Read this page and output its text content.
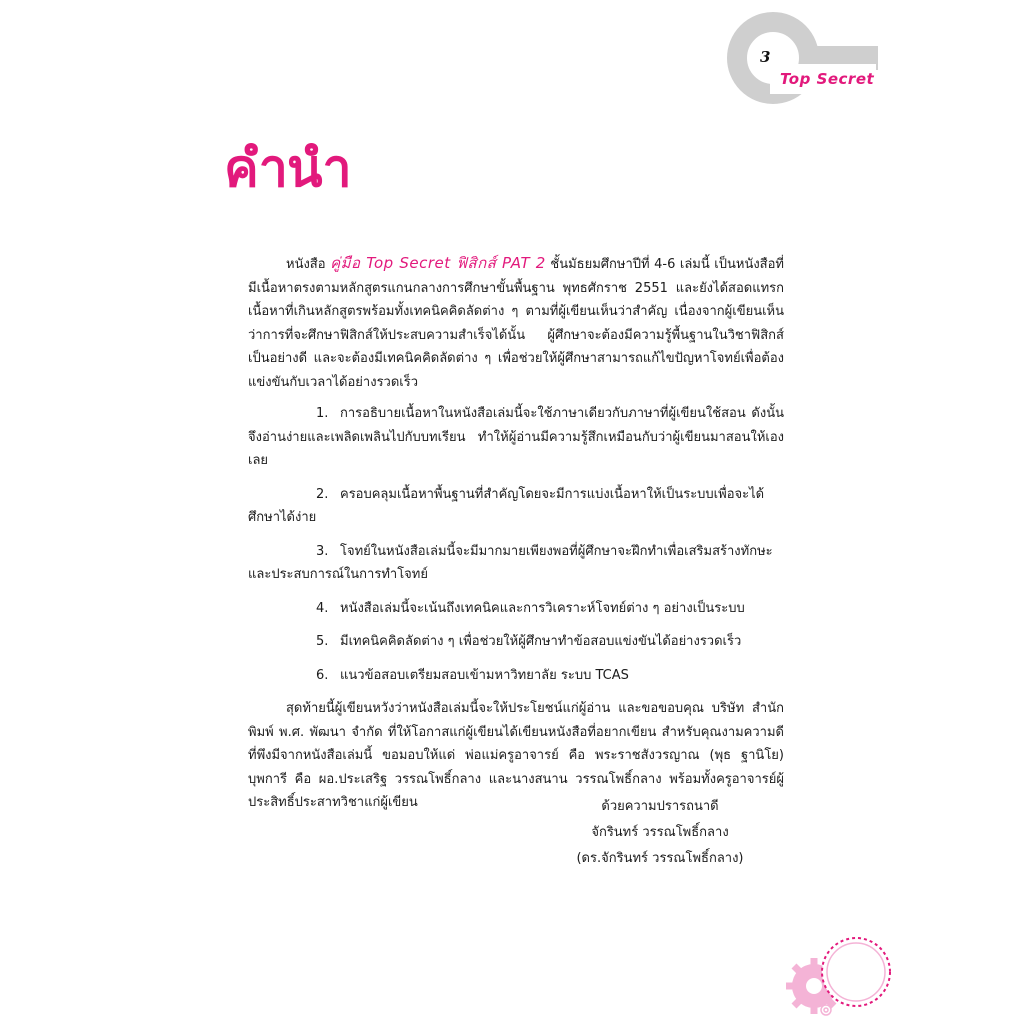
3
Top Secret
คำนำ

หนังสือ คู่มือ Top Secret ฟิสิกส์ PAT 2 ชั้นมัธยมศึกษาปีที่ 4-6 เล่มนี้ เป็นหนังสือที่มีเนื้อหาตรงตามหลักสูตรแกนกลางการศึกษาขั้นพื้นฐาน พุทธศักราช 2551 และยังได้สอดแทรกเนื้อหาที่เกินหลักสูตรพร้อมทั้งเทคนิคคิดลัดต่าง ๆ ตามที่ผู้เขียนเห็นว่าสำคัญ เนื่องจากผู้เขียนเห็นว่าการที่จะศึกษาฟิสิกส์ให้ประสบความสำเร็จได้นั้น ผู้ศึกษาจะต้องมีความรู้พื้นฐานในวิชาฟิสิกส์เป็นอย่างดี และจะต้องมีเทคนิคคิดลัดต่าง ๆ เพื่อช่วยให้ผู้ศึกษาสามารถแก้ไขปัญหาโจทย์เพื่อต้องแข่งขันกับเวลาได้อย่างรวดเร็ว

1. การอธิบายเนื้อหาในหนังสือเล่มนี้จะใช้ภาษาเดียวกับภาษาที่ผู้เขียนใช้สอน ดังนั้นจึงอ่านง่ายและเพลิดเพลินไปกับบทเรียน ทำให้ผู้อ่านมีความรู้สึกเหมือนกับว่าผู้เขียนมาสอนให้เองเลย

2. ครอบคลุมเนื้อหาพื้นฐานที่สำคัญโดยจะมีการแบ่งเนื้อหาให้เป็นระบบเพื่อจะได้ศึกษาได้ง่าย

3. โจทย์ในหนังสือเล่มนี้จะมีมากมายเพียงพอที่ผู้ศึกษาจะฝึกทำเพื่อเสริมสร้างทักษะและประสบการณ์ในการทำโจทย์

4. หนังสือเล่มนี้จะเน้นถึงเทคนิคและการวิเคราะห์โจทย์ต่าง ๆ อย่างเป็นระบบ

5. มีเทคนิคคิดลัดต่าง ๆ เพื่อช่วยให้ผู้ศึกษาทำข้อสอบแข่งขันได้อย่างรวดเร็ว

6. แนวข้อสอบเตรียมสอบเข้ามหาวิทยาลัย ระบบ TCAS

สุดท้ายนี้ผู้เขียนหวังว่าหนังสือเล่มนี้จะให้ประโยชน์แก่ผู้อ่าน และขอขอบคุณ บริษัท สำนักพิมพ์ พ.ศ. พัฒนา จำกัด ที่ให้โอกาสแก่ผู้เขียนได้เขียนหนังสือที่อยากเขียน สำหรับคุณงามความดีที่พึงมีจากหนังสือเล่มนี้ ขอมอบให้แด่ พ่อแม่ครูอาจารย์ คือ พระราชสังวรญาณ (พุธ ฐานิโย) บุพการี คือ ผอ.ประเสริฐ วรรณโพธิ์กลาง และนางสนาน วรรณโพธิ์กลาง พร้อมทั้งครูอาจารย์ผู้ประสิทธิ์ประสาทวิชาแก่ผู้เขียน	ด้วยความปรารถนาดี
จักรินทร์ วรรณโพธิ์กลาง
(ดร.จักรินทร์ วรรณโพธิ์กลาง)
